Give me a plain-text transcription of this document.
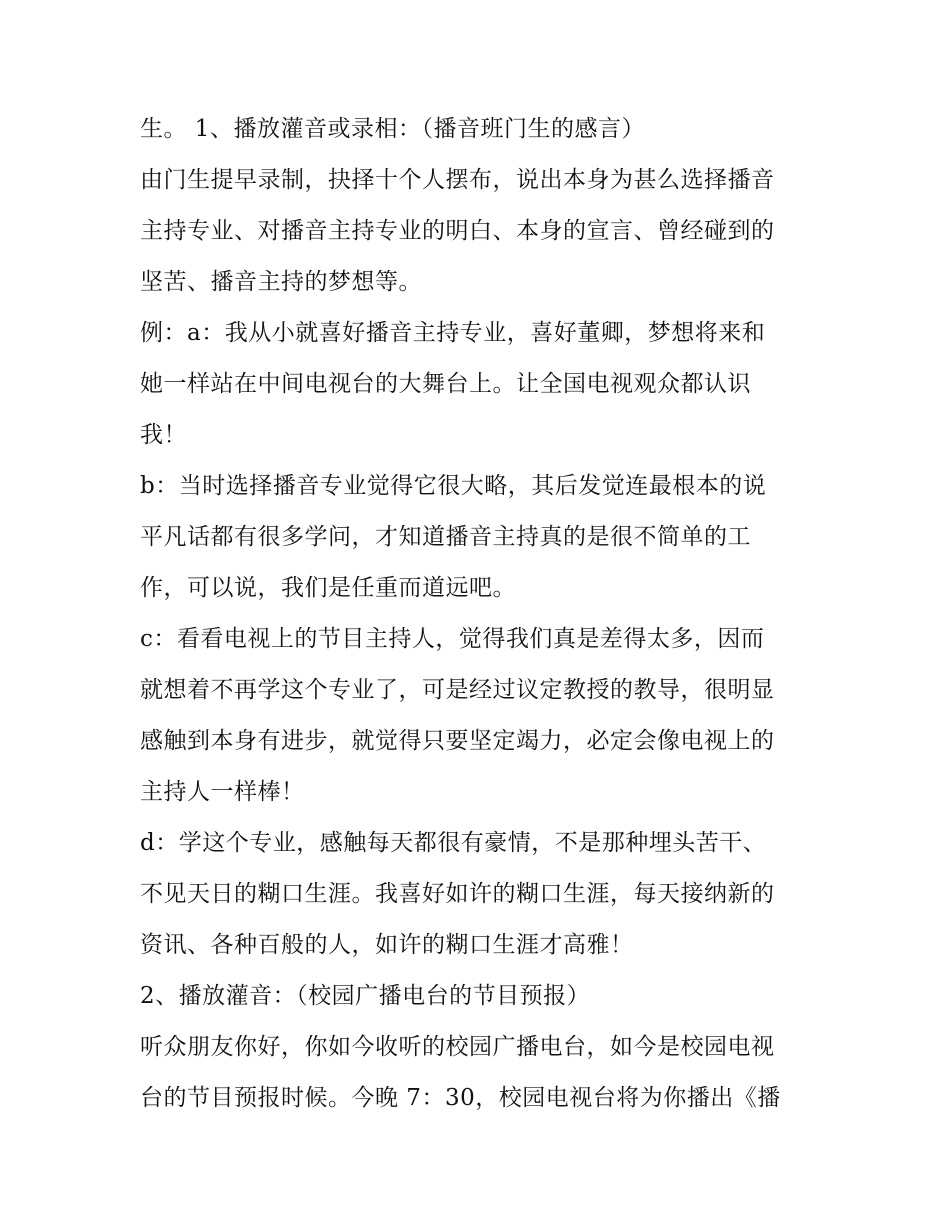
生。 1、播放灌音或录相：（播音班门生的感言）
由门生提早录制，抉择十个人摆布，说出本身为甚么选择播音
主持专业、对播音主持专业的明白、本身的宣言、曾经碰到的
坚苦、播音主持的梦想等。
例：a：我从小就喜好播音主持专业，喜好董卿，梦想将来和
她一样站在中间电视台的大舞台上。让全国电视观众都认识
我！
b：当时选择播音专业觉得它很大略，其后发觉连最根本的说
平凡话都有很多学问，才知道播音主持真的是很不简单的工
作，可以说，我们是任重而道远吧。
c：看看电视上的节目主持人，觉得我们真是差得太多，因而
就想着不再学这个专业了，可是经过议定教授的教导，很明显
感触到本身有进步，就觉得只要坚定竭力，必定会像电视上的
主持人一样棒！
d：学这个专业，感触每天都很有豪情，不是那种埋头苦干、
不见天日的糊口生涯。我喜好如许的糊口生涯，每天接纳新的
资讯、各种百般的人，如许的糊口生涯才高雅！
2、播放灌音：（校园广播电台的节目预报）
听众朋友你好，你如今收听的校园广播电台，如今是校园电视
台的节目预报时候。今晚 7：30，校园电视台将为你播出《播
